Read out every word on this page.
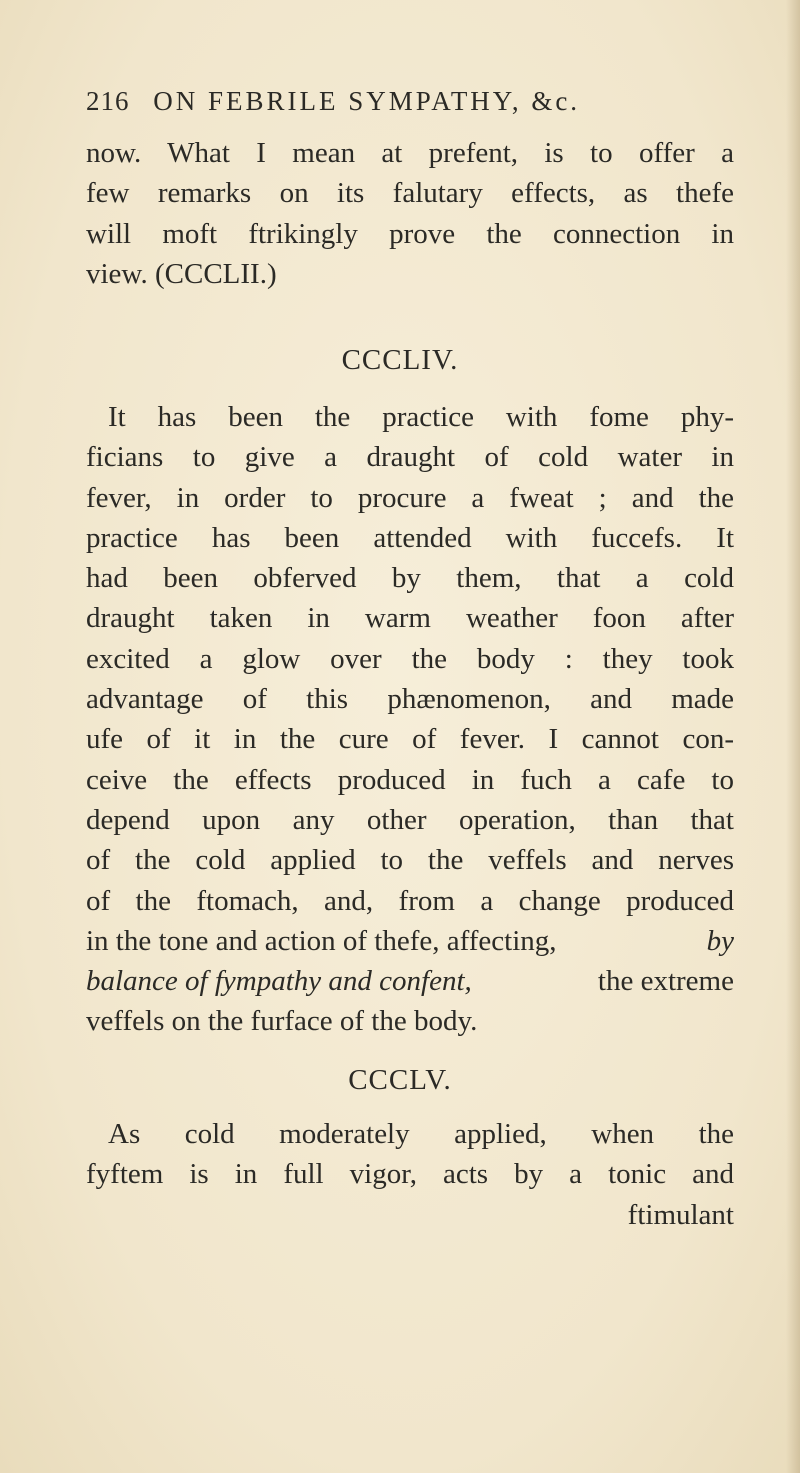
216 ON FEBRILE SYMPATHY, &c.
now. What I mean at prefent, is to offer a
few remarks on its falutary effects, as thefe
will moft ftrikingly prove the connection in
view. (CCCLII.)
CCCLIV.
It has been the practice with fome phy-
ficians to give a draught of cold water in
fever, in order to procure a fweat ; and the
practice has been attended with fuccefs. It
had been obferved by them, that a cold
draught taken in warm weather foon after
excited a glow over the body : they took
advantage of this phænomenon, and made
ufe of it in the cure of fever. I cannot con-
ceive the effects produced in fuch a cafe to
depend upon any other operation, than that
of the cold applied to the veffels and nerves
of the ftomach, and, from a change produced
in the tone and action of thefe, affecting,	by
balance of fympathy and confent,	the extreme
veffels on the furface of the body.
CCCLV.
As cold moderately applied, when the
fyftem is in full vigor, acts by a tonic and
ftimulant
